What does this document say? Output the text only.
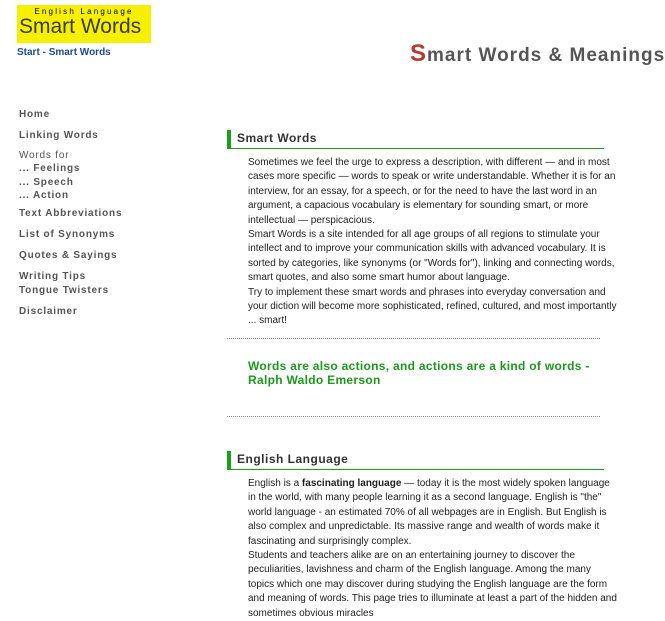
English Language
Smart Words
Start - Smart Words	Smart Words & Meanings
Home
Linking Words
Words for
... Feelings
... Speech
... Action
Text Abbreviations
List of Synonyms
Quotes & Sayings
Writing Tips
Tongue Twisters
Disclaimer
Smart Words

Sometimes we feel the urge to express a description, with different — and in most cases more specific — words to speak or write understandable. Whether it is for an interview, for an essay, for a speech, or for the need to have the last word in an argument, a capacious vocabulary is elementary for sounding smart, or more intellectual — perspicacious.

Smart Words is a site intended for all age groups of all regions to stimulate your intellect and to improve your communication skills with advanced vocabulary. It is sorted by categories, like synonyms (or "Words for"), linking and connecting words, smart quotes, and also some smart humor about language.

Try to implement these smart words and phrases into everyday conversation and your diction will become more sophisticated, refined, cultured, and most importantly ... smart!

Words are also actions, and actions are a kind of words - Ralph Waldo Emerson
English Language

English is a fascinating language — today it is the most widely spoken language in the world, with many people learning it as a second language. English is "the" world language - an estimated 70% of all webpages are in English. But English is also complex and unpredictable. Its massive range and wealth of words make it fascinating and surprisingly complex.

Students and teachers alike are on an entertaining journey to discover the peculiarities, lavishness and charm of the English language. Among the many topics which one may discover during studying the English language are the form and meaning of words. This page tries to illuminate at least a part of the hidden and sometimes obvious miracles
